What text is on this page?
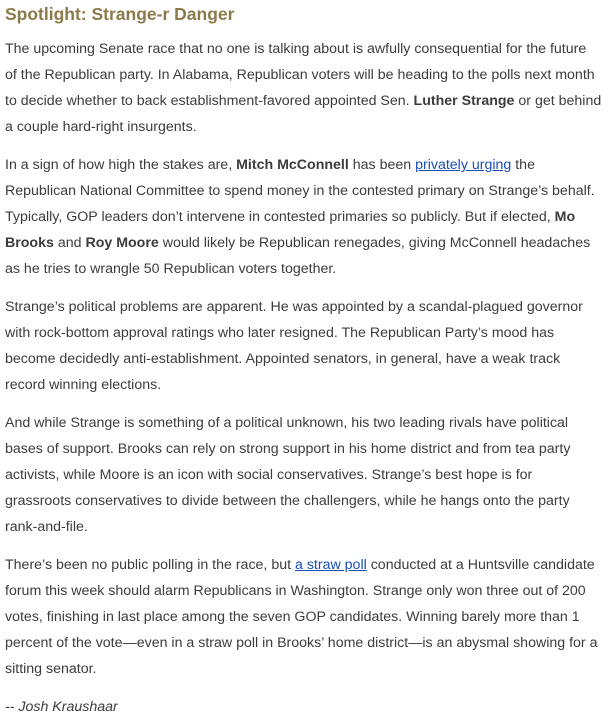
Spotlight: Strange-r Danger

The upcoming Senate race that no one is talking about is awfully consequential for the future of the Republican party. In Alabama, Republican voters will be heading to the polls next month to decide whether to back establishment-favored appointed Sen. Luther Strange or get behind a couple hard-right insurgents.

In a sign of how high the stakes are, Mitch McConnell has been privately urging the Republican National Committee to spend money in the contested primary on Strange’s behalf. Typically, GOP leaders don’t intervene in contested primaries so publicly. But if elected, Mo Brooks and Roy Moore would likely be Republican renegades, giving McConnell headaches as he tries to wrangle 50 Republican voters together.

Strange’s political problems are apparent. He was appointed by a scandal-plagued governor with rock-bottom approval ratings who later resigned. The Republican Party’s mood has become decidedly anti-establishment. Appointed senators, in general, have a weak track record winning elections.

And while Strange is something of a political unknown, his two leading rivals have political bases of support. Brooks can rely on strong support in his home district and from tea party activists, while Moore is an icon with social conservatives. Strange’s best hope is for grassroots conservatives to divide between the challengers, while he hangs onto the party rank-and-file.

There’s been no public polling in the race, but a straw poll conducted at a Huntsville candidate forum this week should alarm Republicans in Washington. Strange only won three out of 200 votes, finishing in last place among the seven GOP candidates. Winning barely more than 1 percent of the vote—even in a straw poll in Brooks’ home district—is an abysmal showing for a sitting senator.

-- Josh Kraushaar
